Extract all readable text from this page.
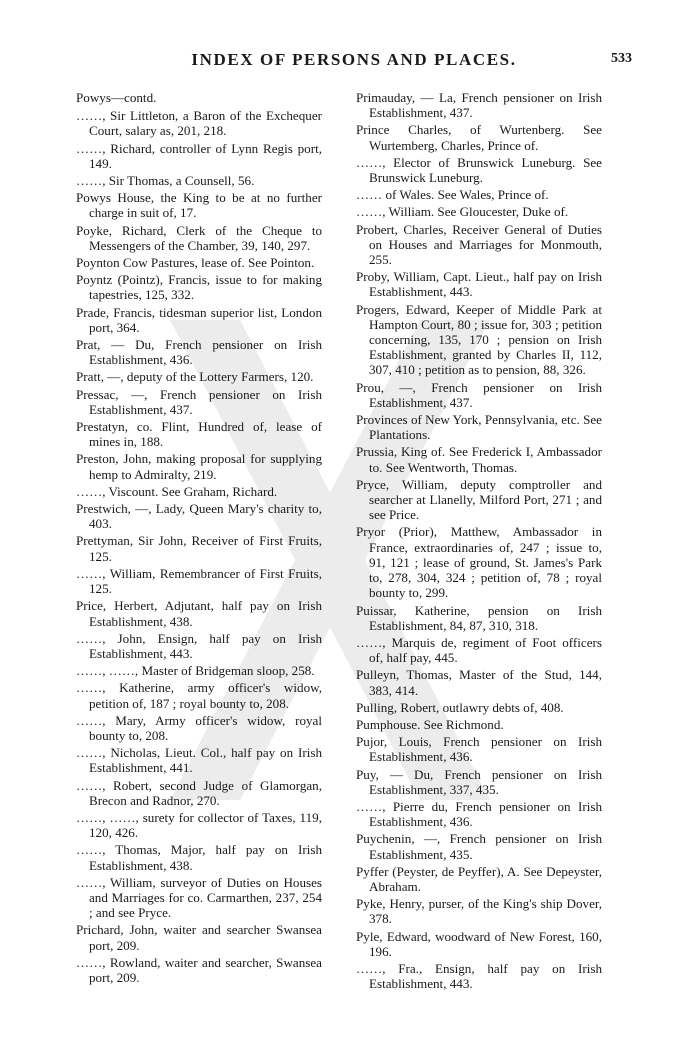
INDEX OF PERSONS AND PLACES.	533
Powys—contd.
……, Sir Littleton, a Baron of the Exchequer Court, salary as, 201, 218.
……, Richard, controller of Lynn Regis port, 149.
……, Sir Thomas, a Counsell, 56.
Powys House, the King to be at no further charge in suit of, 17.
Poyke, Richard, Clerk of the Cheque to Messengers of the Chamber, 39, 140, 297.
Poynton Cow Pastures, lease of. See Pointon.
Poyntz (Pointz), Francis, issue to for making tapestries, 125, 332.
Prade, Francis, tidesman superior list, London port, 364.
Prat, — Du, French pensioner on Irish Establishment, 436.
Pratt, —, deputy of the Lottery Farmers, 120.
Pressac, —, French pensioner on Irish Establishment, 437.
Prestatyn, co. Flint, Hundred of, lease of mines in, 188.
Preston, John, making proposal for supplying hemp to Admiralty, 219.
……, Viscount. See Graham, Richard.
Prestwich, —, Lady, Queen Mary's charity to, 403.
Prettyman, Sir John, Receiver of First Fruits, 125.
……, William, Remembrancer of First Fruits, 125.
Price, Herbert, Adjutant, half pay on Irish Establishment, 438.
……, John, Ensign, half pay on Irish Establishment, 443.
……, ……, Master of Bridgeman sloop, 258.
……, Katherine, army officer's widow, petition of, 187 ; royal bounty to, 208.
……, Mary, Army officer's widow, royal bounty to, 208.
……, Nicholas, Lieut. Col., half pay on Irish Establishment, 441.
……, Robert, second Judge of Glamorgan, Brecon and Radnor, 270.
……, ……, surety for collector of Taxes, 119, 120, 426.
……, Thomas, Major, half pay on Irish Establishment, 438.
……, William, surveyor of Duties on Houses and Marriages for co. Carmarthen, 237, 254 ; and see Pryce.
Prichard, John, waiter and searcher Swansea port, 209.
……, Rowland, waiter and searcher, Swansea port, 209.
Primauday, — La, French pensioner on Irish Establishment, 437.
Prince Charles, of Wurtenberg. See Wurtemberg, Charles, Prince of.
……, Elector of Brunswick Luneburg. See Brunswick Luneburg.
…… of Wales. See Wales, Prince of.
……, William. See Gloucester, Duke of.
Probert, Charles, Receiver General of Duties on Houses and Marriages for Monmouth, 255.
Proby, William, Capt. Lieut., half pay on Irish Establishment, 443.
Progers, Edward, Keeper of Middle Park at Hampton Court, 80 ; issue for, 303 ; petition concerning, 135, 170 ; pension on Irish Establishment, granted by Charles II, 112, 307, 410 ; petition as to pension, 88, 326.
Prou, —, French pensioner on Irish Establishment, 437.
Provinces of New York, Pennsylvania, etc. See Plantations.
Prussia, King of. See Frederick I, Ambassador to. See Wentworth, Thomas.
Pryce, William, deputy comptroller and searcher at Llanelly, Milford Port, 271 ; and see Price.
Pryor (Prior), Matthew, Ambassador in France, extraordinaries of, 247 ; issue to, 91, 121 ; lease of ground, St. James's Park to, 278, 304, 324 ; petition of, 78 ; royal bounty to, 299.
Puissar, Katherine, pension on Irish Establishment, 84, 87, 310, 318.
……, Marquis de, regiment of Foot officers of, half pay, 445.
Pulleyn, Thomas, Master of the Stud, 144, 383, 414.
Pulling, Robert, outlawry debts of, 408.
Pumphouse. See Richmond.
Pujor, Louis, French pensioner on Irish Establishment, 436.
Puy, — Du, French pensioner on Irish Establishment, 337, 435.
……, Pierre du, French pensioner on Irish Establishment, 436.
Puychenin, —, French pensioner on Irish Establishment, 435.
Pyffer (Peyster, de Peyffer), A. See Depeyster, Abraham.
Pyke, Henry, purser, of the King's ship Dover, 378.
Pyle, Edward, woodward of New Forest, 160, 196.
……, Fra., Ensign, half pay on Irish Establishment, 443.
